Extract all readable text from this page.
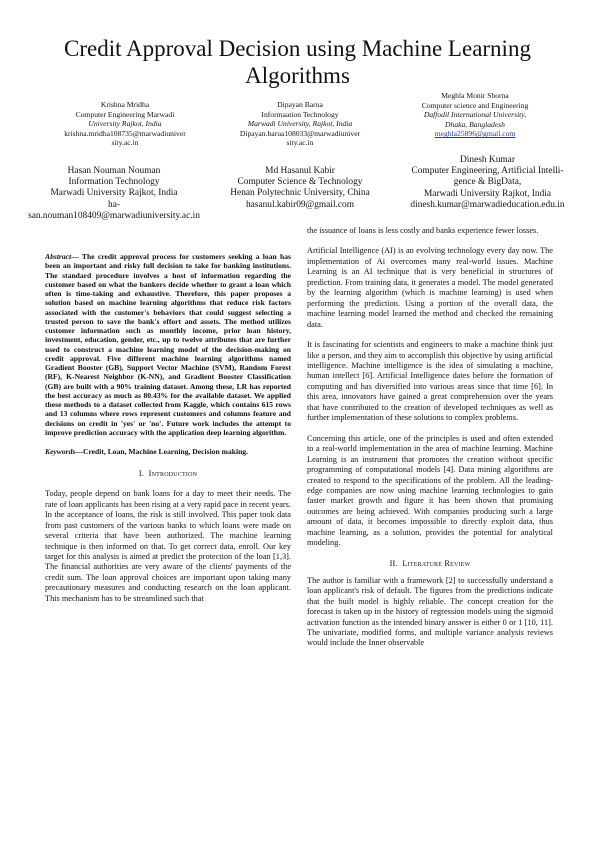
Credit Approval Decision using Machine Learning Algorithms
Krishna Mridha
Computer Engineering Marwadi
University Rajkot, India
krishna.mridha108735@marwadiuniver
sity.ac.in
Dipayan Barua
Informaation Technology
Marwadi University, Rajkot, India
Dipayan.barua108033@marwadiuniver
sity.ac.in
Meghla Monir Shorna
Computer science and Engineering
Daffodil International University,
Dhaka, Bangladesh
meghla25896@gmail.com
Hasan Nouman Nouman
Information Technology
Marwadi University Rajkot, India
ha-
san.nouman108409@marwadiuniversity.ac.in
Md Hasanul Kabir
Computer Science & Technology
Henan Polytechnic University, China
hasanul.kabir09@gmail.com
Dinesh Kumar
Computer Engineering, Artificial Intelli-
gence & BigData,
Marwadi University Rajkot, India
dinesh.kumar@marwadieducation.edu.in

Abstract— The credit approval process for customers seeking a loan has been an important and risky full decision to take for banking institutions. The standard procedure involves a host of information regarding the customer based on what the bankers decide whether to grant a loan which often is time-taking and exhaustive. Therefore, this paper proposes a solution based on machine learning algorithms that reduce risk factors associated with the customer's behaviors that could suggest selecting a trusted person to save the bank's effort and assets. The method utilizes customer information such as monthly income, prior loan history, investment, education, gender, etc., up to twelve attributes that are further used to construct a machine learning model of the decision-making on credit approval. Five different machine learning algorithms named Gradient Booster (GB), Support Vector Machine (SVM), Random Forest (RF), K-Nearest Neighbor (K-NN), and Gradient Booster Classification (GB) are built with a 90% training dataset. Among these, LR has reported the best accuracy as much as 80.43% for the available dataset. We applied these methods to a dataset collected from Kaggle, which contains 615 rows and 13 columns where rows represent customers and columns feature and decisions on credit in 'yes' or 'no'. Future work includes the attempt to improve prediction accuracy with the application deep learning algorithm.

Keywords—Credit, Loan, Machine Learning, Decision making.

I. Introduction

Today, people depend on bank loans for a day to meet their needs. The rate of loan applicants has been rising at a very rapid pace in recent years. In the acceptance of loans, the risk is still involved. This paper took data from past customers of the various banks to which loans were made on several criteria that have been authorized. The machine learning technique is then informed on that. To get correct data, enroll. Our key target for this analysis is aimed at predict the protection of the loan [1,3]. The financial authorities are very aware of the clients' payments of the credit sum. The loan approval choices are important upon taking many precautionary measures and conducting research on the loan applicant. This mechanism has to be streamlined such that

the issuance of loans is less costly and banks experience fewer losses.

Artificial Intelligence (AI) is an evolving technology every day now. The implementation of Ai overcomes many real-world issues. Machine Learning is an AI technique that is very beneficial in structures of prediction. From training data, it generates a model. The model generated by the learning algorithm (which is machine learning) is used when performing the prediction. Using a portion of the overall data, the machine learning model learned the method and checked the remaining data.

It is fascinating for scientists and engineers to make a machine think just like a person, and they aim to accomplish this objective by using artificial intelligence. Machine intelligence is the idea of simulating a machine, human intellect [6]. Artificial Intelligence dates before the formation of computing and has diversified into various areas since that time [6]. In this area, innovators have gained a great comprehension over the years that have contributed to the creation of developed techniques as well as further implementation of these solutions to complex problems.

Concerning this article, one of the principles is used and often extended to a real-world implementation in the area of machine learning. Machine Learning is an instrument that promotes the creation without specific programming of computational models [4]. Data mining algorithms are created to respond to the specifications of the problem. All the leading-edge companies are now using machine learning technologies to gain faster market growth and figure it has been shown that promising outcomes are being achieved. With companies producing such a large amount of data, it becomes impossible to directly exploit data, thus machine learning, as a solution, provides the potential for analytical modeling.

II. Literature Review

The author is familiar with a framework [2] to successfully understand a loan applicant's risk of default. The figures from the predictions indicate that the built model is highly reliable. The concept creation for the forecast is taken up in the history of regression models using the sigmoid activation function as the intended binary answer is either 0 or 1 [10, 11]. The univariate, modified forms, and multiple variance analysis reviews would include the Inner observable
